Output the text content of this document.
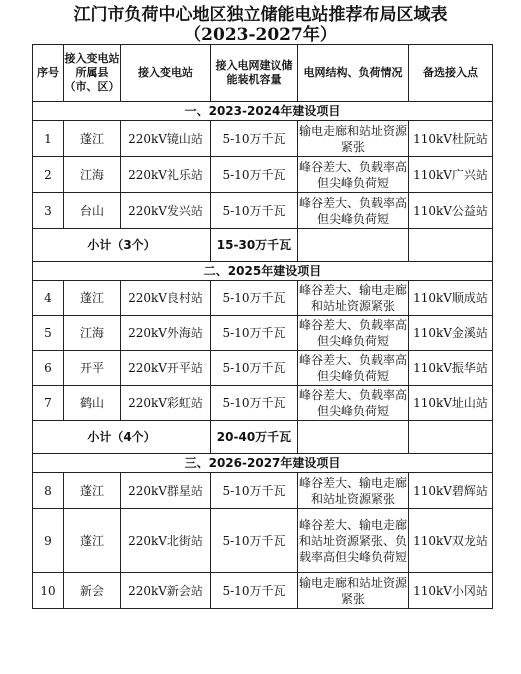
江门市负荷中心地区独立储能电站推荐布局区域表
（2023-2027年）
序号	接入变电站所属县（市、区）	接入变电站	接入电网建议储能装机容量	电网结构、负荷情况	备选接入点
一、2023-2024年建设项目					
1	蓬江	220kV镜山站	5-10万千瓦	输电走廊和站址资源紧张	110kV杜阮站
2	江海	220kV礼乐站	5-10万千瓦	峰谷差大、负载率高但尖峰负荷短	110kV广兴站
3	台山	220kV发兴站	5-10万千瓦	峰谷差大、负载率高但尖峰负荷短	110kV公益站
小计（3个）			15-30万千瓦		
二、2025年建设项目					
4	蓬江	220kV良村站	5-10万千瓦	峰谷差大、输电走廊和站址资源紧张	110kV顺成站
5	江海	220kV外海站	5-10万千瓦	峰谷差大、负载率高但尖峰负荷短	110kV金溪站
6	开平	220kV开平站	5-10万千瓦	峰谷差大、负载率高但尖峰负荷短	110kV振华站
7	鹤山	220kV彩虹站	5-10万千瓦	峰谷差大、负载率高但尖峰负荷短	110kV址山站
小计（4个）			20-40万千瓦		
三、2026-2027年建设项目					
8	蓬江	220kV群星站	5-10万千瓦	峰谷差大、输电走廊和站址资源紧张	110kV碧辉站
9	蓬江	220kV北街站	5-10万千瓦	峰谷差大、输电走廊和站址资源紧张、负载率高但尖峰负荷短	110kV双龙站
10	新会	220kV新会站	5-10万千瓦	输电走廊和站址资源紧张	110kV小冈站
